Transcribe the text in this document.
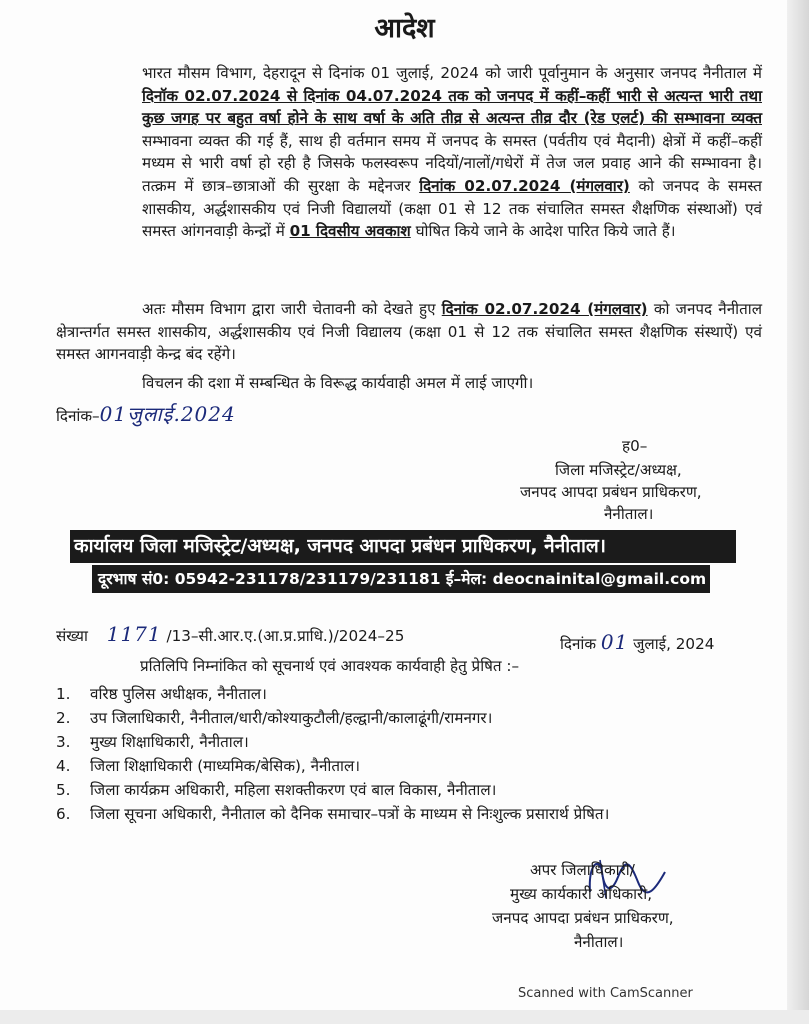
आदेश

भारत मौसम विभाग, देहरादून से दिनांक 01 जुलाई, 2024 को जारी पूर्वानुमान के अनुसार जनपद नैनीताल में दिनॉक 02.07.2024 से दिनांक 04.07.2024 तक को जनपद में कहीं–कहीं भारी से अत्यन्त भारी तथा कुछ जगह पर बहुत वर्षा होने के साथ वर्षा के अति तीव्र से अत्यन्त तीव्र दौर (रेड एलर्ट) की सम्भावना व्यक्त सम्भावना व्यक्त की गई हैं, साथ ही वर्तमान समय में जनपद के समस्त (पर्वतीय एवं मैदानी) क्षेत्रों में कहीं–कहीं मध्यम से भारी वर्षा हो रही है जिसके फलस्वरूप नदियों/नालों/गधेरों में तेज जल प्रवाह आने की सम्भावना है। तत्क्रम में छात्र–छात्राओं की सुरक्षा के मद्देनजर दिनांक 02.07.2024 (मंगलवार) को जनपद के समस्त शासकीय, अर्द्धशासकीय एवं निजी विद्यालयों (कक्षा 01 से 12 तक संचालित समस्त शैक्षणिक संस्थाओं) एवं समस्त आंगनवाड़ी केन्द्रों में 01 दिवसीय अवकाश घोषित किये जाने के आदेश पारित किये जाते हैं।

अतः मौसम विभाग द्वारा जारी चेतावनी को देखते हुए दिनांक 02.07.2024 (मंगलवार) को जनपद नैनीताल क्षेत्रान्तर्गत समस्त शासकीय, अर्द्धशासकीय एवं निजी विद्यालय (कक्षा 01 से 12 तक संचालित समस्त शैक्षणिक संस्थाऐं) एवं समस्त आगनवाड़ी केन्द्र बंद रहेंगे।

विचलन की दशा में सम्बन्धित के विरूद्ध कार्यवाही अमल में लाई जाएगी।

दिनांक–01जुलाई.2024
ह0–
जिला मजिस्ट्रेट/अध्यक्ष,
जनपद आपदा प्रबंधन प्राधिकरण,
नैनीताल।
कार्यालय जिला मजिस्ट्रेट/अध्यक्ष, जनपद आपदा प्रबंधन प्राधिकरण, नैनीताल।
दूरभाष सं0: 05942-231178/231179/231181 ई–मेल: deocnainital@gmail.com
संख्या 1171 /13–सी.आर.ए.(आ.प्र.प्राधि.)/2024–25	दिनांक 01 जुलाई, 2024
प्रतिलिपि निम्नांकित को सूचनार्थ एवं आवश्यक कार्यवाही हेतु प्रेषित :–
1. वरिष्ठ पुलिस अधीक्षक, नैनीताल।
2. उप जिलाधिकारी, नैनीताल/धारी/कोश्याकुटौली/हल्द्वानी/कालाढूंगी/रामनगर।
3. मुख्य शिक्षाधिकारी, नैनीताल।
4. जिला शिक्षाधिकारी (माध्यमिक/बेसिक), नैनीताल।
5. जिला कार्यक्रम अधिकारी, महिला सशक्तीकरण एवं बाल विकास, नैनीताल।
6. जिला सूचना अधिकारी, नैनीताल को दैनिक समाचार–पत्रों के माध्यम से निःशुल्क प्रसारार्थ प्रेषित।
अपर जिलाधिकारी/
मुख्य कार्यकारी अधिकारी,
जनपद आपदा प्रबंधन प्राधिकरण,
नैनीताल।
Scanned with CamScanner
